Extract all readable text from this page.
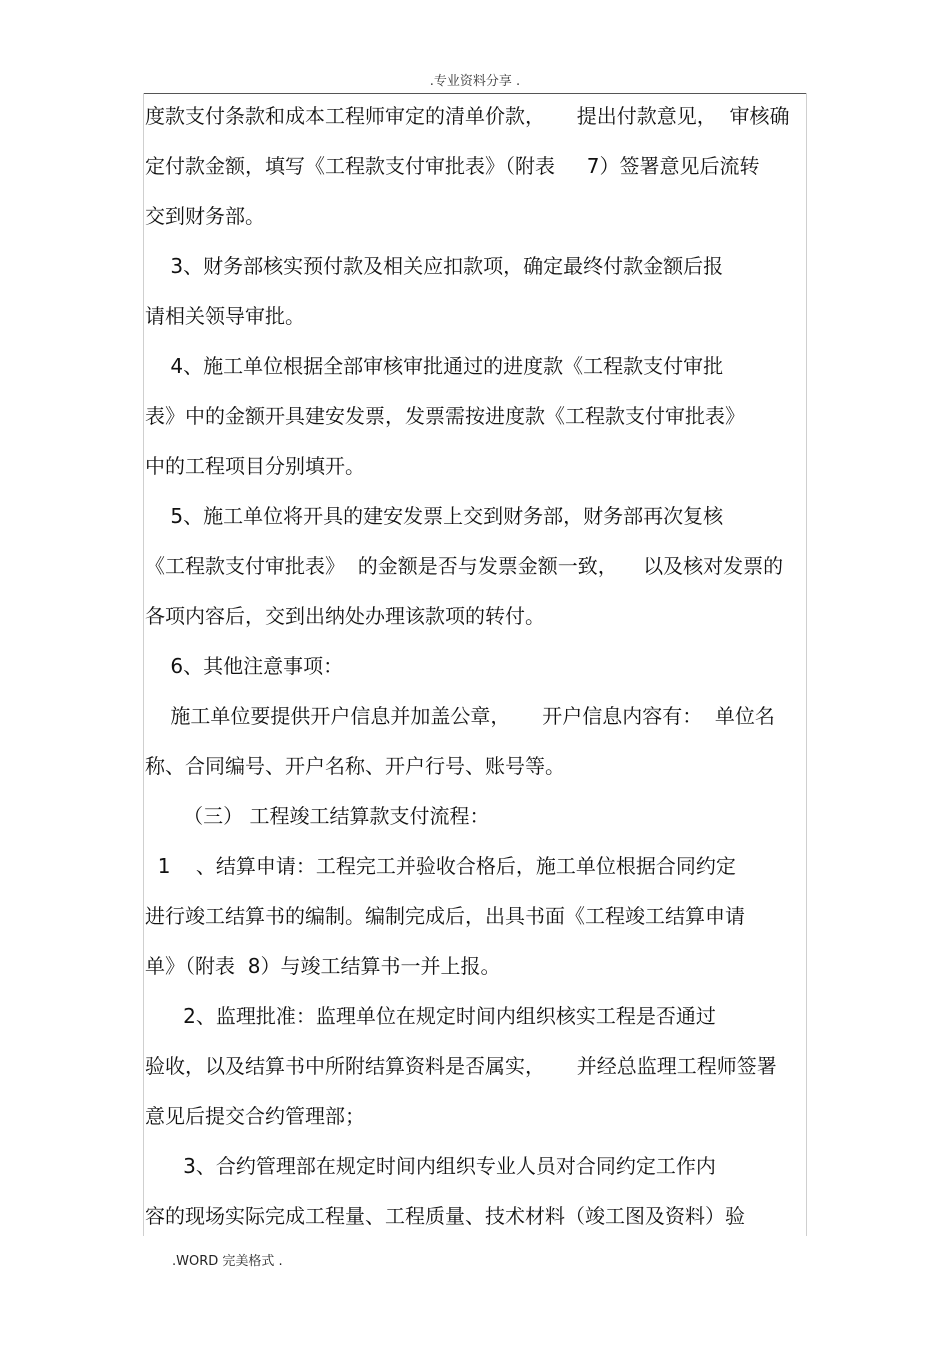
.专业资料分享 .
度款支付条款和成本工程师审定的清单价款，     提出付款意见，  审核确
定付款金额，填写《工程款支付审批表》（附表     7）签署意见后流转
交到财务部。
3、财务部核实预付款及相关应扣款项，确定最终付款金额后报
请相关领导审批。
4、施工单位根据全部审核审批通过的进度款《工程款支付审批
表》中的金额开具建安发票，发票需按进度款《工程款支付审批表》
中的工程项目分别填开。
5、施工单位将开具的建安发票上交到财务部，财务部再次复核
《工程款支付审批表》  的金额是否与发票金额一致，    以及核对发票的
各项内容后，交到出纳处办理该款项的转付。
6、其他注意事项：
施工单位要提供开户信息并加盖公章，     开户信息内容有：  单位名
称、合同编号、开户名称、开户行号、账号等。
（三） 工程竣工结算款支付流程：
1    、结算申请：工程完工并验收合格后，施工单位根据合同约定
进行竣工结算书的编制。编制完成后，出具书面《工程竣工结算申请
单》（附表  8）与竣工结算书一并上报。
2、监理批准：监理单位在规定时间内组织核实工程是否通过
验收，以及结算书中所附结算资料是否属实，     并经总监理工程师签署
意见后提交合约管理部；
3、合约管理部在规定时间内组织专业人员对合同约定工作内
容的现场实际完成工程量、工程质量、技术材料（竣工图及资料）验
.WORD 完美格式 .
